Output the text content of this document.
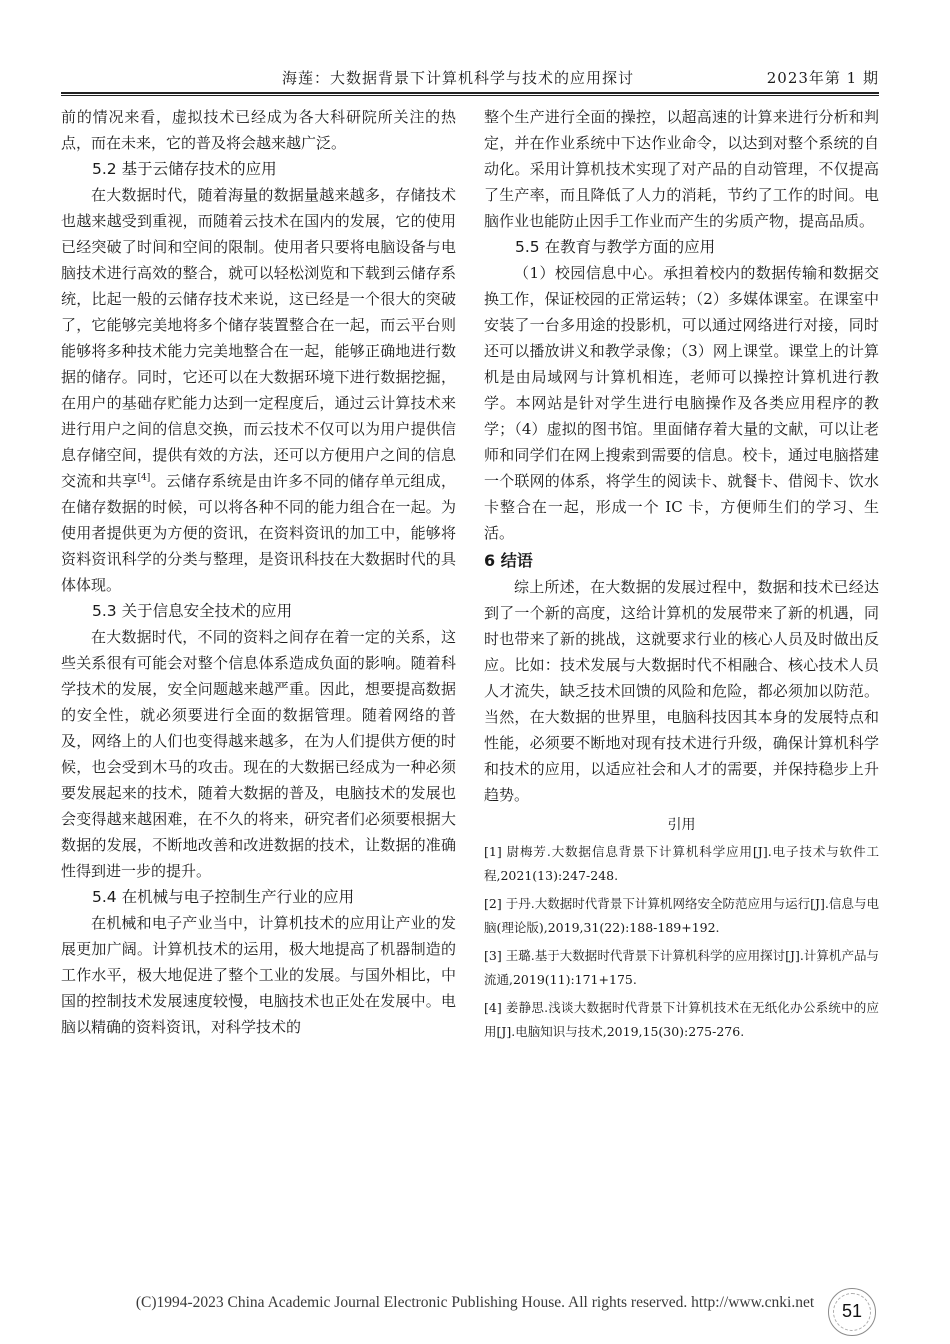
海莲：大数据背景下计算机科学与技术的应用探讨	2023年第 1 期

前的情况来看，虚拟技术已经成为各大科研院所关注的热点，而在未来，它的普及将会越来越广泛。

5.2 基于云储存技术的应用

在大数据时代，随着海量的数据量越来越多，存储技术也越来越受到重视，而随着云技术在国内的发展，它的使用已经突破了时间和空间的限制。使用者只要将电脑设备与电脑技术进行高效的整合，就可以轻松浏览和下载到云储存系统，比起一般的云储存技术来说，这已经是一个很大的突破了，它能够完美地将多个储存装置整合在一起，而云平台则能够将多种技术能力完美地整合在一起，能够正确地进行数据的储存。同时，它还可以在大数据环境下进行数据挖掘，在用户的基础存贮能力达到一定程度后，通过云计算技术来进行用户之间的信息交换，而云技术不仅可以为用户提供信息存储空间，提供有效的方法，还可以方便用户之间的信息交流和共享[4]。云储存系统是由许多不同的储存单元组成，在储存数据的时候，可以将各种不同的能力组合在一起。为使用者提供更为方便的资讯，在资料资讯的加工中，能够将资料资讯科学的分类与整理，是资讯科技在大数据时代的具体体现。

5.3 关于信息安全技术的应用

在大数据时代，不同的资料之间存在着一定的关系，这些关系很有可能会对整个信息体系造成负面的影响。随着科学技术的发展，安全问题越来越严重。因此，想要提高数据的安全性，就必须要进行全面的数据管理。随着网络的普及，网络上的人们也变得越来越多，在为人们提供方便的时候，也会受到木马的攻击。现在的大数据已经成为一种必须要发展起来的技术，随着大数据的普及，电脑技术的发展也会变得越来越困难，在不久的将来，研究者们必须要根据大数据的发展，不断地改善和改进数据的技术，让数据的准确性得到进一步的提升。

5.4 在机械与电子控制生产行业的应用

在机械和电子产业当中，计算机技术的应用让产业的发展更加广阔。计算机技术的运用，极大地提高了机器制造的工作水平，极大地促进了整个工业的发展。与国外相比，中国的控制技术发展速度较慢，电脑技术也正处在发展中。电脑以精确的资料资讯，对科学技术的

整个生产进行全面的操控，以超高速的计算来进行分析和判定，并在作业系统中下达作业命令，以达到对整个系统的自动化。采用计算机技术实现了对产品的自动管理，不仅提高了生产率，而且降低了人力的消耗，节约了工作的时间。电脑作业也能防止因手工作业而产生的劣质产物，提高品质。

5.5 在教育与教学方面的应用

（1）校园信息中心。承担着校内的数据传输和数据交换工作，保证校园的正常运转；（2）多媒体课室。在课室中安装了一台多用途的投影机，可以通过网络进行对接，同时还可以播放讲义和教学录像；（3）网上课堂。课堂上的计算机是由局域网与计算机相连，老师可以操控计算机进行教学。本网站是针对学生进行电脑操作及各类应用程序的教学；（4）虚拟的图书馆。里面储存着大量的文献，可以让老师和同学们在网上搜索到需要的信息。校卡，通过电脑搭建一个联网的体系，将学生的阅读卡、就餐卡、借阅卡、饮水卡整合在一起，形成一个 IC 卡，方便师生们的学习、生活。

6 结语

综上所述，在大数据的发展过程中，数据和技术已经达到了一个新的高度，这给计算机的发展带来了新的机遇，同时也带来了新的挑战，这就要求行业的核心人员及时做出反应。比如：技术发展与大数据时代不相融合、核心技术人员人才流失，缺乏技术回馈的风险和危险，都必须加以防范。当然，在大数据的世界里，电脑科技因其本身的发展特点和性能，必须要不断地对现有技术进行升级，确保计算机科学和技术的应用，以适应社会和人才的需要，并保持稳步上升趋势。

引用
[1] 尉梅芳.大数据信息背景下计算机科学应用[J].电子技术与软件工程,2021(13):247-248.
[2] 于丹.大数据时代背景下计算机网络安全防范应用与运行[J].信息与电脑(理论版),2019,31(22):188-189+192.
[3] 王璐.基于大数据时代背景下计算机科学的应用探讨[J].计算机产品与流通,2019(11):171+175.
[4] 姜静思.浅谈大数据时代背景下计算机技术在无纸化办公系统中的应用[J].电脑知识与技术,2019,15(30):275-276.
51
(C)1994-2023 China Academic Journal Electronic Publishing House. All rights reserved. http://www.cnki.net
